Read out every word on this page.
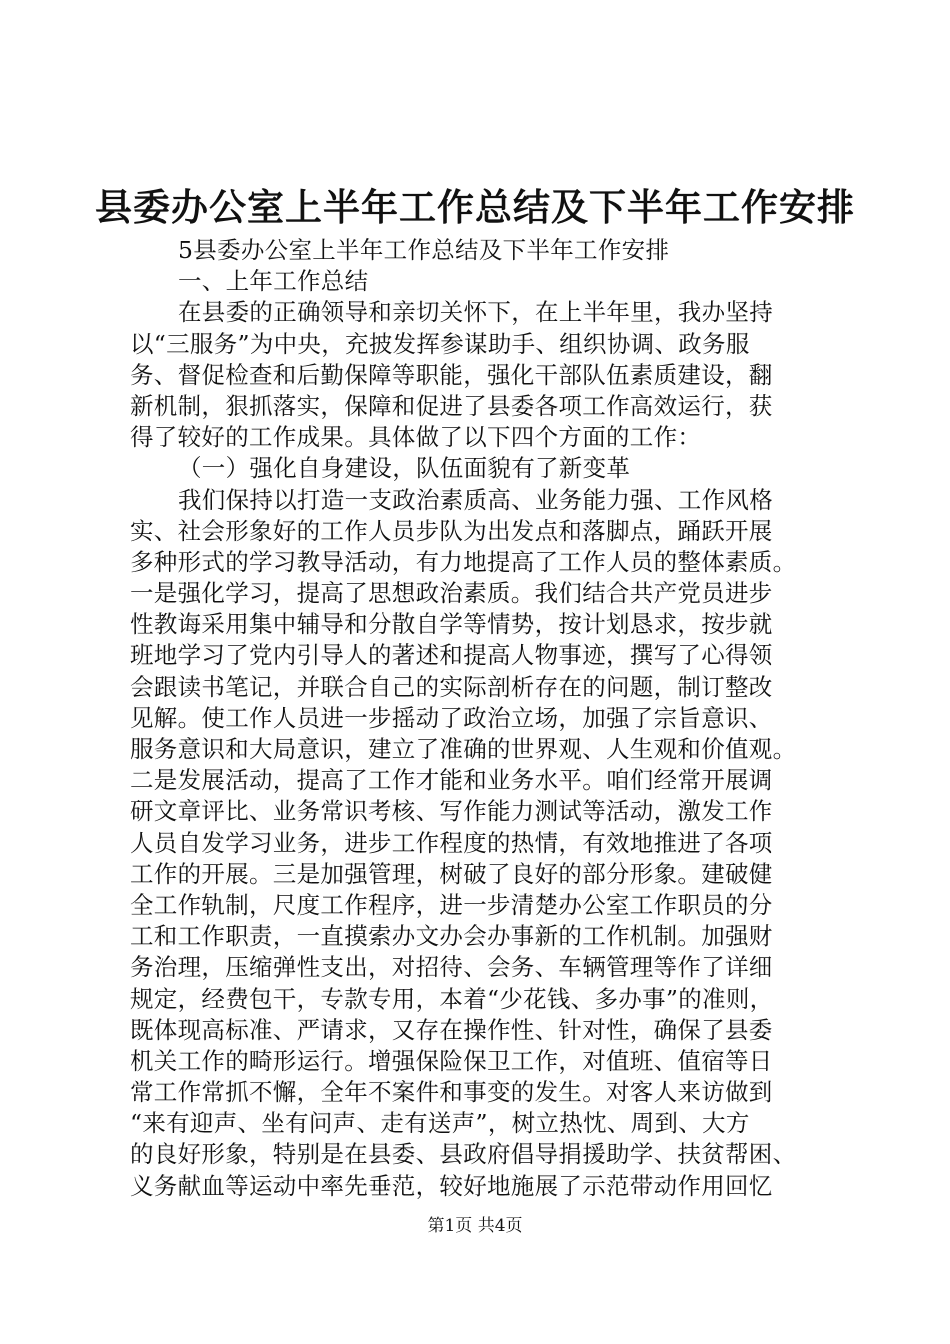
县委办公室上半年工作总结及下半年工作安排
5县委办公室上半年工作总结及下半年工作安排
一、上年工作总结
在县委的正确领导和亲切关怀下，在上半年里，我办坚持
以“三服务”为中央，充披发挥参谋助手、组织协调、政务服
务、督促检查和后勤保障等职能，强化干部队伍素质建设，翻
新机制，狠抓落实，保障和促进了县委各项工作高效运行，获
得了较好的工作成果。具体做了以下四个方面的工作：
（一）强化自身建设，队伍面貌有了新变革
我们保持以打造一支政治素质高、业务能力强、工作风格
实、社会形象好的工作人员步队为出发点和落脚点，踊跃开展
多种形式的学习教导活动，有力地提高了工作人员的整体素质。
一是强化学习，提高了思想政治素质。我们结合共产党员进步
性教诲采用集中辅导和分散自学等情势，按计划恳求，按步就
班地学习了党内引导人的著述和提高人物事迹，撰写了心得领
会跟读书笔记，并联合自己的实际剖析存在的问题，制订整改
见解。使工作人员进一步摇动了政治立场，加强了宗旨意识、
服务意识和大局意识，建立了准确的世界观、人生观和价值观。
二是发展活动，提高了工作才能和业务水平。咱们经常开展调
研文章评比、业务常识考核、写作能力测试等活动，激发工作
人员自发学习业务，进步工作程度的热情，有效地推进了各项
工作的开展。三是加强管理，树破了良好的部分形象。建破健
全工作轨制，尺度工作程序，进一步清楚办公室工作职员的分
工和工作职责，一直摸索办文办会办事新的工作机制。加强财
务治理，压缩弹性支出，对招待、会务、车辆管理等作了详细
规定，经费包干，专款专用，本着“少花钱、多办事”的准则，
既体现高标准、严请求，又存在操作性、针对性，确保了县委
机关工作的畸形运行。增强保险保卫工作，对值班、值宿等日
常工作常抓不懈，全年不案件和事变的发生。对客人来访做到
“来有迎声、坐有问声、走有送声”，树立热忱、周到、大方
的良好形象，特别是在县委、县政府倡导捐援助学、扶贫帮困、
义务献血等运动中率先垂范，较好地施展了示范带动作用回忆
第1页 共4页
